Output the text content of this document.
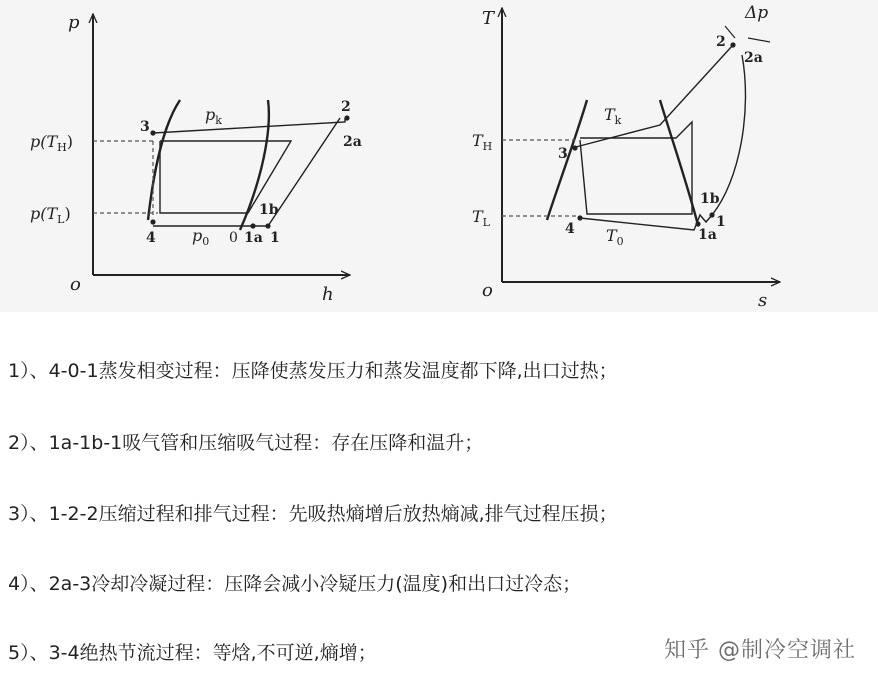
p
h
o
$p(T_H)$
$p(T_L)$
$p_k$
$p_0$
3
4	0 1a 1
1b
2
2a
T
s
o
$T_H$
$T_L$
$T_k$
$T_0$
Δp
3
4	1
1a
1b
2
2a
1）、4-0-1蒸发相变过程：压降使蒸发压力和蒸发温度都下降,出口过热；
2）、1a-1b-1吸气管和压缩吸气过程：存在压降和温升；
3）、1-2-2压缩过程和排气过程：先吸热熵增后放热熵减,排气过程压损；
4）、2a-3冷却冷凝过程：压降会减小冷疑压力(温度)和出口过冷态；
5）、3-4绝热节流过程：等焓,不可逆,熵增；	知乎 @制冷空调社
